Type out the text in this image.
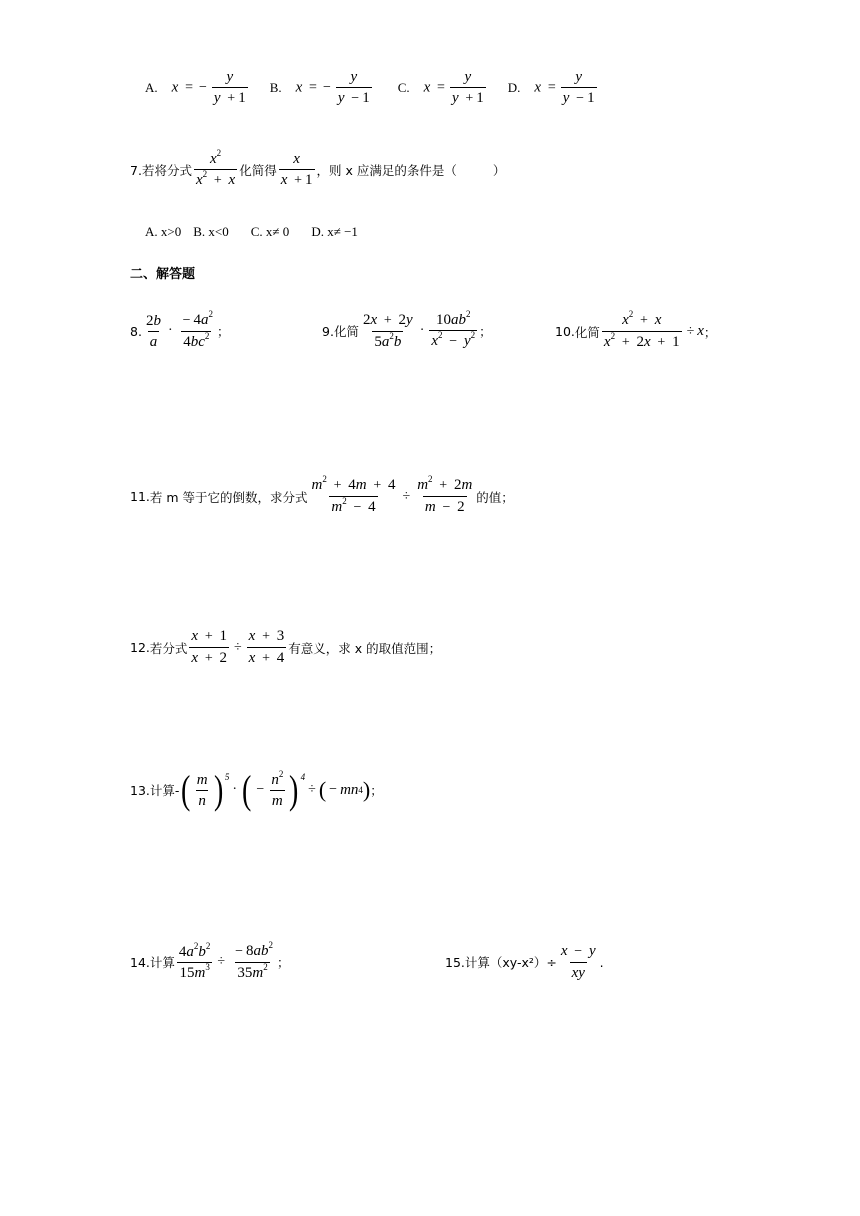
A. x = − $\frac{y}{y + 1} B$. x = − $\frac{y}{y - 1} C$. $x = \frac{y}{y + 1} D$. $x = \frac{y}{y - 1}$
7. 若将分式 $\frac{x^2}{x^2 + x}$ 化简得 $\frac{x}{x + 1}$ ，则 x 应满足的条件是（	）
A. x>0 B. x<0 C. x≠ 0 D. x≠ −1
二、解答题
8. $\frac{2b}{a} \cdot \frac{- 4a^2}{4bc^2}$ ；	9. 化简 $\frac{2x + 2y}{5a^2b} \cdot \frac{10ab^2}{x^2 - y^2}$ ；	10. 化简 $\frac{x^2 + x}{x^2 + 2x + 1} \div x$ ；
11. 若 m 等于它的倒数，求分式 $\frac{m^2 + 4m + 4}{m^2 - 4} \div \frac{m^2 + 2m}{m - 2}$ 的值；
12. 若分式 $\frac{x + 1}{x + 2} \div \frac{x + 3}{x + 4}$ 有意义，求 x 的取值范围；
13. 计算- ( $\frac{m}{n}$ ) 5
· ( − $\frac{n^2}{m}$ ) 4
÷ ( − mn 4 ) ；
14. 计算 $\frac{4a^2b^2}{15m^3} \div \frac{- 8ab^2}{35m^2}$ ；	15. 计算$(xy-x^2)\div \frac{x - y}{xy}$ .
